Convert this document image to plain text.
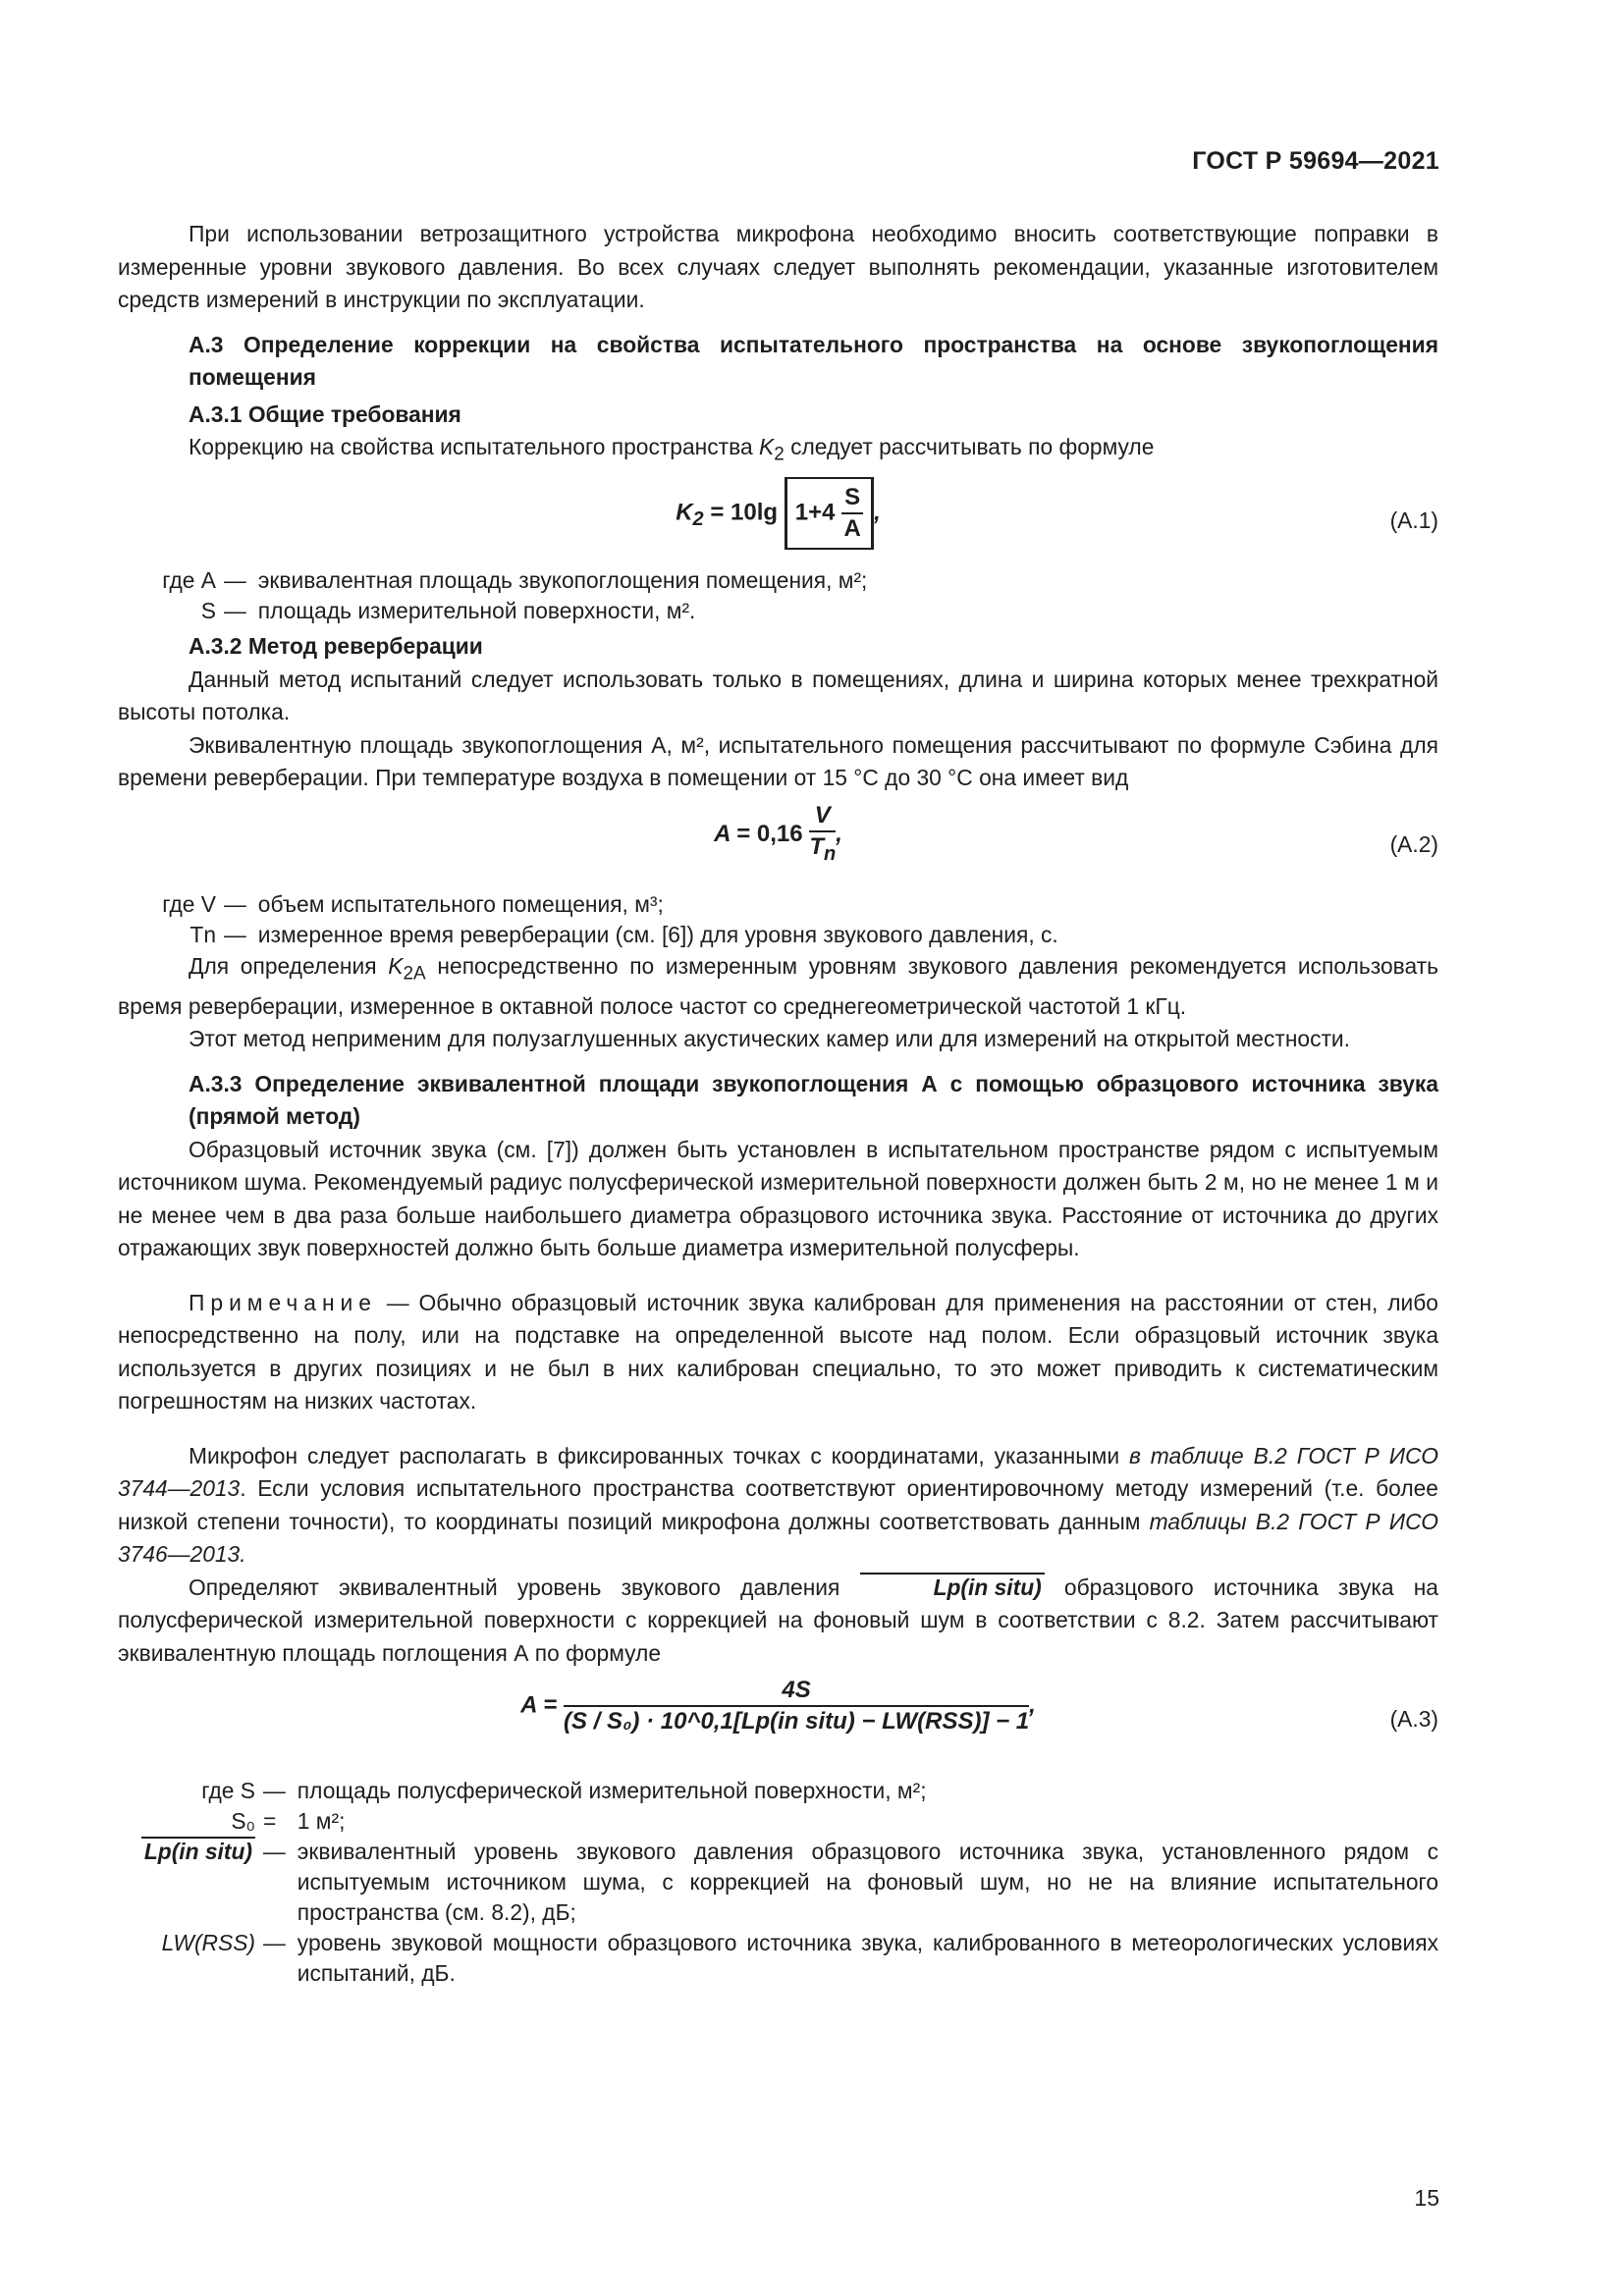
ГОСТ Р 59694—2021

При использовании ветрозащитного устройства микрофона необходимо вносить соответствующие поправки в измеренные уровни звукового давления. Во всех случаях следует выполнять рекомендации, указанные изготовителем средств измерений в инструкции по эксплуатации.

А.3 Определение коррекции на свойства испытательного пространства на основе звукопоглощения помещения

А.3.1 Общие требования

Коррекцию на свойства испытательного пространства $K_2$ следует рассчитывать по формуле

$K_2 = 10\lg$ $1+4 \frac{S}{A}$ ,	(А.1)
где A	—	эквивалентная площадь звукопоглощения помещения, м²;
S	—	площадь измерительной поверхности, м².

А.3.2 Метод реверберации

Данный метод испытаний следует использовать только в помещениях, длина и ширина которых менее трехкратной высоты потолка.

Эквивалентную площадь звукопоглощения А, м², испытательного помещения рассчитывают по формуле Сэбина для времени реверберации. При температуре воздуха в помещении от 15 °С до 30 °С она имеет вид

$A = 0,16 \frac{V}{T_n}$ ,	(А.2)
где V	—	объем испытательного помещения, м³;
Tn	—	измеренное время реверберации (см. [6]) для уровня звукового давления, с.

Для определения $K_{2A}$ непосредственно по измеренным уровням звукового давления рекомендуется использовать время реверберации, измеренное в октавной полосе частот со среднегеометрической частотой 1 кГц.

Этот метод неприменим для полузаглушенных акустических камер или для измерений на открытой местности.

А.3.3 Определение эквивалентной площади звукопоглощения А с помощью образцового источника звука (прямой метод)

Образцовый источник звука (см. [7]) должен быть установлен в испытательном пространстве рядом с испытуемым источником шума. Рекомендуемый радиус полусферической измерительной поверхности должен быть 2 м, но не менее 1 м и не менее чем в два раза больше наибольшего диаметра образцового источника звука. Расстояние от источника до других отражающих звук поверхностей должно быть больше диаметра измерительной полусферы.

Примечание — Обычно образцовый источник звука калиброван для применения на расстоянии от стен, либо непосредственно на полу, или на подставке на определенной высоте над полом. Если образцовый источник звука используется в других позициях и не был в них калиброван специально, то это может приводить к систематическим погрешностям на низких частотах.

Микрофон следует располагать в фиксированных точках с координатами, указанными в таблице В.2 ГОСТ Р ИСО 3744—2013. Если условия испытательного пространства соответствуют ориентировочному методу измерений (т.е. более низкой степени точности), то координаты позиций микрофона должны соответствовать данным таблицы В.2 ГОСТ Р ИСО 3746—2013.

Определяют эквивалентный уровень звукового давления	Lp(in situ) образцового источника звука на полусферической измерительной поверхности с коррекцией на фоновый шум в соответствии с 8.2. Затем рассчитывают эквивалентную площадь поглощения А по формуле

$A = \frac{4S}{\text{(S / S₀) · 10\textasciicircum{}0,1[Lp(in situ) − LW(RSS)] − 1}}$ ,
(А.3)
где S	—	площадь полусферической измерительной поверхности, м²;
S₀	=	1 м²;
Lp(in situ)	—	эквивалентный уровень звукового давления образцового источника звука, установленного рядом с испытуемым источником шума, с коррекцией на фоновый шум, но не на влияние испытательного пространства (см. 8.2), дБ;
LW(RSS)	—	уровень звуковой мощности образцового источника звука, калиброванного в метеорологических условиях испытаний, дБ.
15
